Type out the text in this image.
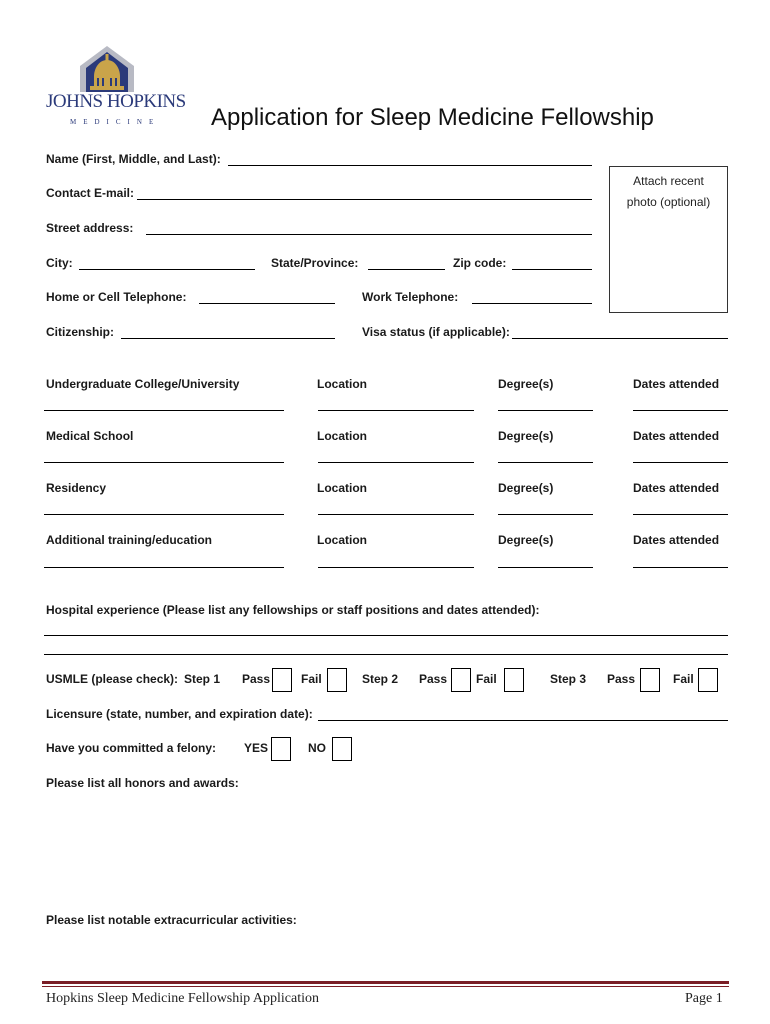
JOHNS HOPKINS
MEDICINE Application for Sleep Medicine Fellowship
Attach recent
photo (optional)
Name (First, Middle, and Last):
Contact E-mail:
Street address:
City:	State/Province:	Zip code:
Home or Cell Telephone:	Work Telephone:
Citizenship:	Visa status (if applicable):
Undergraduate College/University	Location	Degree(s)	Dates attended
Medical School	Location	Degree(s)	Dates attended
Residency	Location	Degree(s)	Dates attended
Additional training/education	Location	Degree(s)	Dates attended
Hospital experience (Please list any fellowships or staff positions and dates attended):
USMLE (please check): Step 1 Pass	Fail	Step 2 Pass Fail	Step 3 Pass	Fail
Licensure (state, number, and expiration date):
Have you committed a felony: YES	NO
Please list all honors and awards:
Please list notable extracurricular activities:
Hopkins Sleep Medicine Fellowship Application	Page 1
